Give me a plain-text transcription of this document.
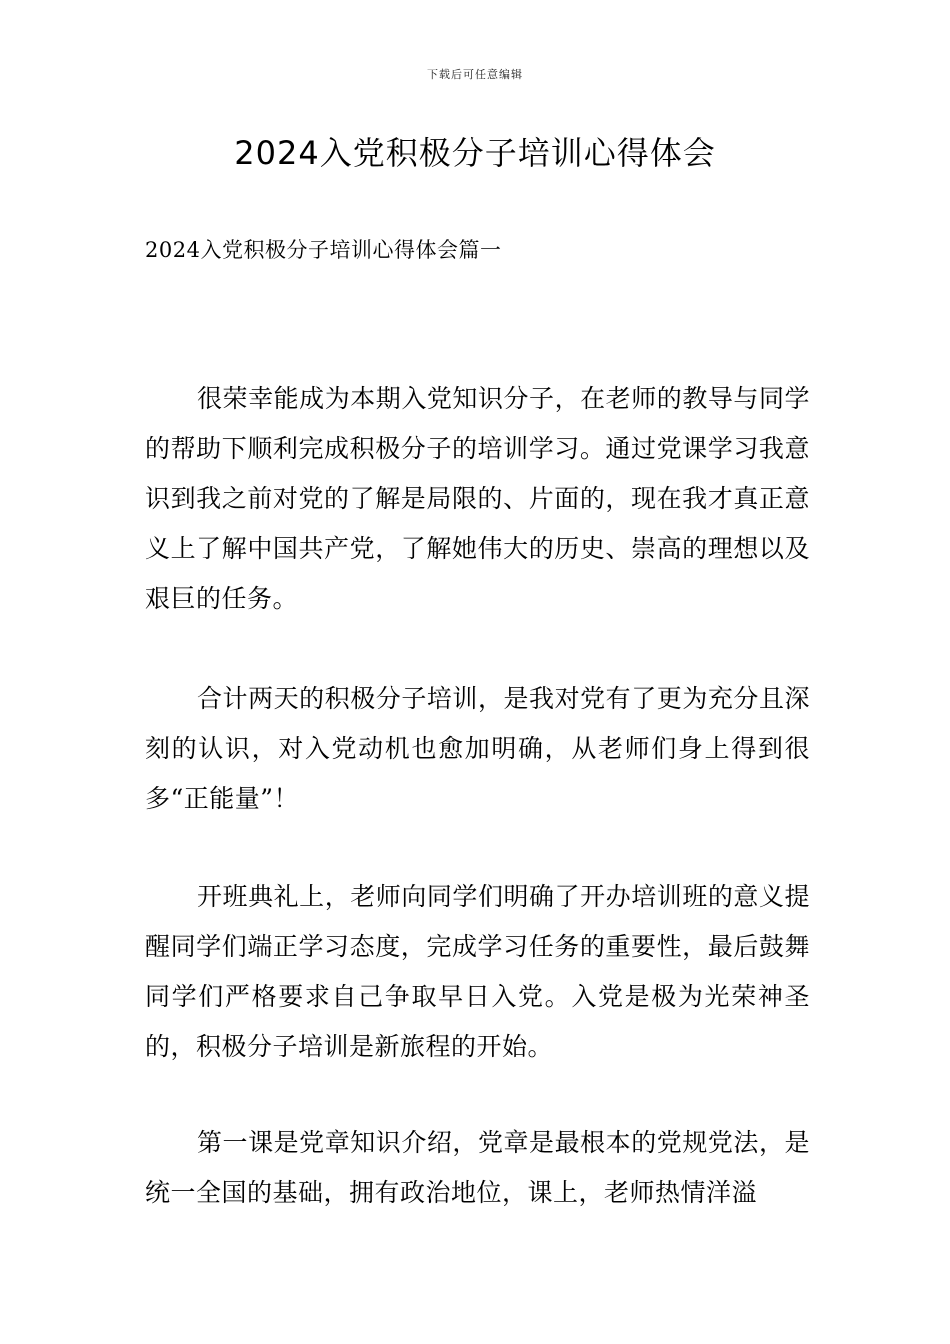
下载后可任意编辑
2024入党积极分子培训心得体会

2024入党积极分子培训心得体会篇一

很荣幸能成为本期入党知识分子，在老师的教导与同学的帮助下顺利完成积极分子的培训学习。通过党课学习我意识到我之前对党的了解是局限的、片面的，现在我才真正意义上了解中国共产党，了解她伟大的历史、崇高的理想以及艰巨的任务。

合计两天的积极分子培训，是我对党有了更为充分且深刻的认识，对入党动机也愈加明确，从老师们身上得到很多“正能量”！

开班典礼上，老师向同学们明确了开办培训班的意义提醒同学们端正学习态度，完成学习任务的重要性，最后鼓舞同学们严格要求自己争取早日入党。入党是极为光荣神圣的，积极分子培训是新旅程的开始。

第一课是党章知识介绍，党章是最根本的党规党法，是统一全国的基础，拥有政治地位，课上，老师热情洋溢
